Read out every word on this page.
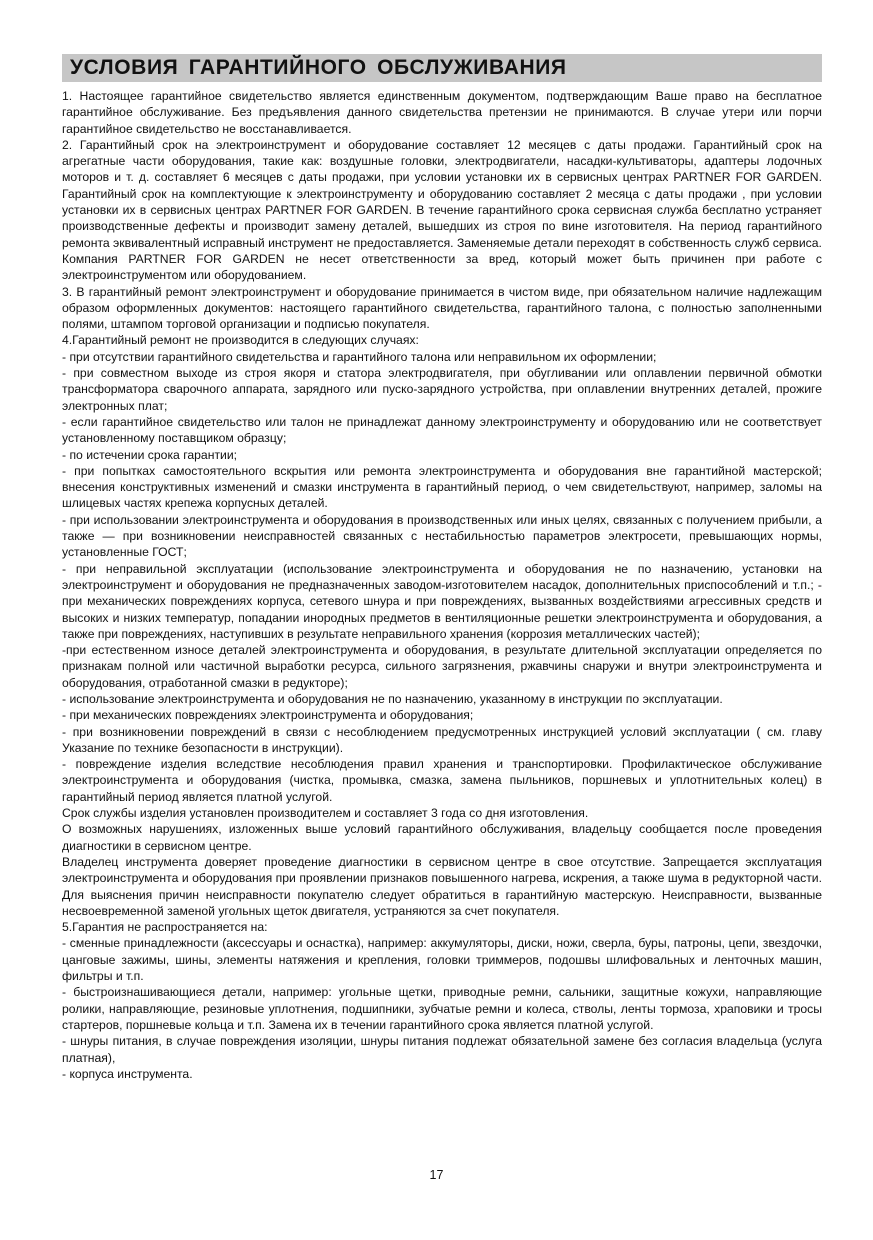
УСЛОВИЯ ГАРАНТИЙНОГО ОБСЛУЖИВАНИЯ

1. Настоящее гарантийное свидетельство является единственным документом, подтверждающим Ваше право на бесплатное гарантийное обслуживание. Без предъявления данного свидетельства претензии не принимаются. В случае утери или порчи гарантийное свидетельство не восстанавливается.

2. Гарантийный срок на электроинструмент и оборудование составляет 12 месяцев с даты продажи. Гарантийный срок на агрегатные части оборудования, такие как: воздушные головки, электродвигатели, насадки-культиваторы, адаптеры лодочных моторов и т. д. составляет 6 месяцев с даты продажи, при условии установки их в сервисных центрах PARTNER FOR GARDEN. Гарантийный срок на комплектующие к электроинструменту и оборудованию составляет 2 месяца с даты продажи , при условии установки их в сервисных центрах PARTNER FOR GARDEN. В течение гарантийного срока сервисная служба бесплатно устраняет производственные дефекты и производит замену деталей, вышедших из строя по вине изготовителя. На период гарантийного ремонта эквивалентный исправный инструмент не предоставляется. Заменяемые детали переходят в собственность служб сервиса.

Компания PARTNER FOR GARDEN не несет ответственности за вред, который может быть причинен при работе с электроинструментом или оборудованием.

3. В гарантийный ремонт электроинструмент и оборудование принимается в чистом виде, при обязательном наличие надлежащим образом оформленных документов: настоящего гарантийного свидетельства, гарантийного талона, с полностью заполненными полями, штампом торговой организации и подписью покупателя.

4.Гарантийный ремонт не производится в следующих случаях:

- при отсутствии гарантийного свидетельства и гарантийного талона или неправильном их оформлении;

- при совместном выходе из строя якоря и статора электродвигателя, при обугливании или оплавлении первичной обмотки трансформатора сварочного аппарата, зарядного или пуско-зарядного устройства, при оплавлении внутренних деталей, прожиге электронных плат;

- если гарантийное свидетельство или талон не принадлежат данному электроинструменту и оборудованию или не соответствует установленному поставщиком образцу;

- по истечении срока гарантии;

- при попытках самостоятельного вскрытия или ремонта электроинструмента и оборудования вне гарантийной мастерской; внесения конструктивных изменений и смазки инструмента в гарантийный период, о чем свидетельствуют, например, заломы на шлицевых частях крепежа корпусных деталей.

- при использовании электроинструмента и оборудования в производственных или иных целях, связанных с получением прибыли, а также — при возникновении неисправностей связанных с нестабильностью параметров электросети, превышающих нормы, установленные ГОСТ;

- при неправильной эксплуатации (использование электроинструмента и оборудования не по назначению, установки на электроинструмент и оборудования не предназначенных заводом-изготовителем насадок, дополнительных приспособлений и т.п.; - при механических повреждениях корпуса, сетевого шнура и при повреждениях, вызванных воздействиями агрессивных средств и высоких и низких температур, попадании инородных предметов в вентиляционные решетки электроинструмента и оборудования, а также при повреждениях, наступивших в результате неправильного хранения (коррозия металлических частей);

-при естественном износе деталей электроинструмента и оборудования, в результате длительной эксплуатации определяется по признакам полной или частичной выработки ресурса, сильного загрязнения, ржавчины снаружи и внутри электроинструмента и оборудования, отработанной смазки в редукторе);

- использование электроинструмента и оборудования не по назначению, указанному в инструкции по эксплуатации.

- при механических повреждениях электроинструмента и оборудования;

- при возникновении повреждений в связи с несоблюдением предусмотренных инструкцией условий эксплуатации ( см. главу Указание по технике безопасности в инструкции).

- повреждение изделия вследствие несоблюдения правил хранения и транспортировки. Профилактическое обслуживание электроинструмента и оборудования (чистка, промывка, смазка, замена пыльников, поршневых и уплотнительных колец) в гарантийный период является платной услугой.

Срок службы изделия установлен производителем и составляет 3 года со дня изготовления.

О возможных нарушениях, изложенных выше условий гарантийного обслуживания, владельцу сообщается после проведения диагностики в сервисном центре.

Владелец инструмента доверяет проведение диагностики в сервисном центре в свое отсутствие. Запрещается эксплуатация электроинструмента и оборудования при проявлении признаков повышенного нагрева, искрения, а также шума в редукторной части. Для выяснения причин неисправности покупателю следует обратиться в гарантийную мастерскую. Неисправности, вызванные несвоевременной заменой угольных щеток двигателя, устраняются за счет покупателя.

5.Гарантия не распространяется на:

- сменные принадлежности (аксессуары и оснастка), например: аккумуляторы, диски, ножи, сверла, буры, патроны, цепи, звездочки, цанговые зажимы, шины, элементы натяжения и крепления, головки триммеров, подошвы шлифовальных и ленточных машин, фильтры и т.п.

- быстроизнашивающиеся детали, например: угольные щетки, приводные ремни, сальники, защитные кожухи, направляющие ролики, направляющие, резиновые уплотнения, подшипники, зубчатые ремни и колеса, стволы, ленты тормоза, храповики и тросы стартеров, поршневые кольца и т.п. Замена их в течении гарантийного срока является платной услугой.

- шнуры питания, в случае повреждения изоляции, шнуры питания подлежат обязательной замене без согласия владельца (услуга платная),

- корпуса инструмента.

17
